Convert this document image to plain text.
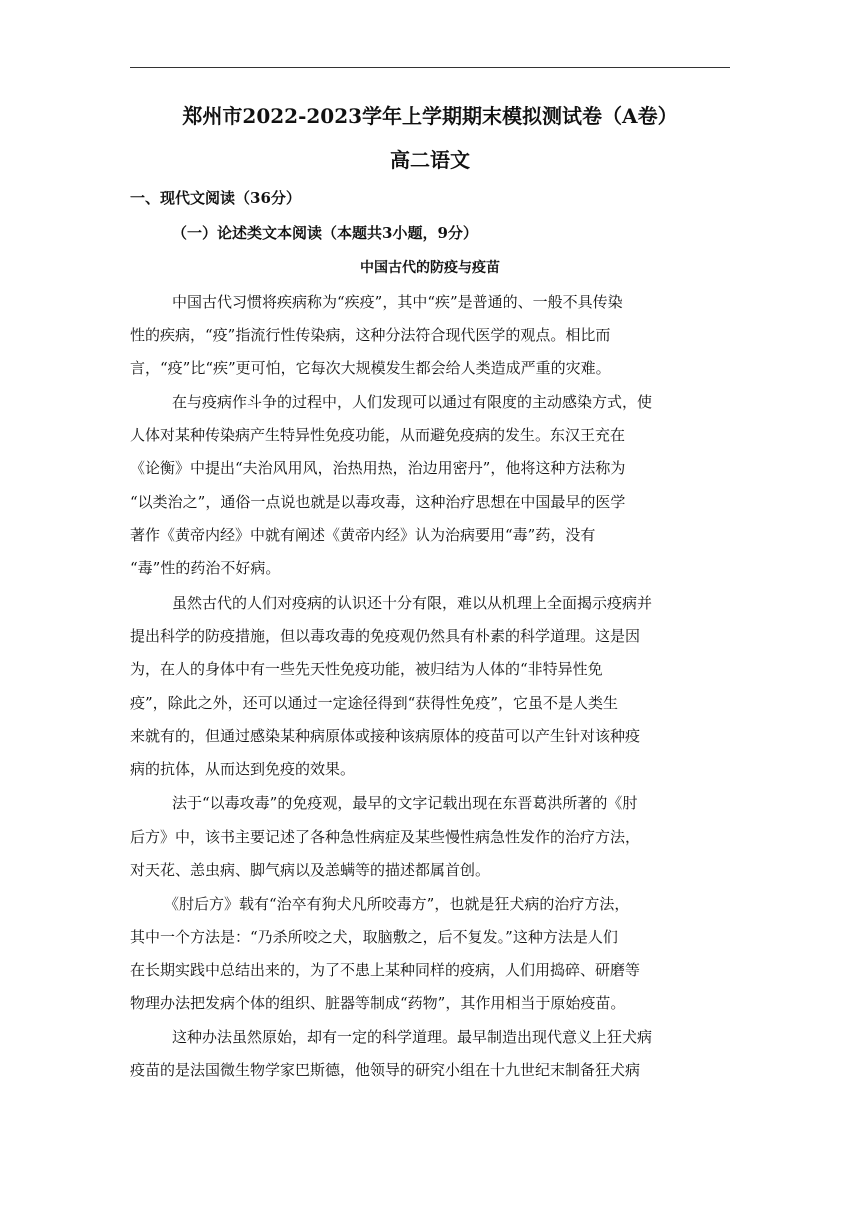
郑州市2022-2023学年上学期期末模拟测试卷（A卷）
高二语文
一、现代文阅读（36分）
（一）论述类文本阅读（本题共3小题，9分）
中国古代的防疫与疫苗
中国古代习惯将疾病称为“疾疫”，其中“疾”是普通的、一般不具传染
性的疾病，“疫”指流行性传染病，这种分法符合现代医学的观点。相比而
言，“疫”比“疾”更可怕，它每次大规模发生都会给人类造成严重的灾难。
在与疫病作斗争的过程中，人们发现可以通过有限度的主动感染方式，使
人体对某种传染病产生特异性免疫功能，从而避免疫病的发生。东汉王充在
《论衡》中提出“夫治风用风，治热用热，治边用密丹”，他将这种方法称为
“以类治之”，通俗一点说也就是以毒攻毒，这种治疗思想在中国最早的医学
著作《黄帝内经》中就有阐述《黄帝内经》认为治病要用“毒”药，没有
“毒”性的药治不好病。
虽然古代的人们对疫病的认识还十分有限，难以从机理上全面揭示疫病并
提出科学的防疫措施，但以毒攻毒的免疫观仍然具有朴素的科学道理。这是因
为，在人的身体中有一些先天性免疫功能，被归结为人体的“非特异性免
疫”，除此之外，还可以通过一定途径得到“获得性免疫”，它虽不是人类生
来就有的，但通过感染某种病原体或接种该病原体的疫苗可以产生针对该种疫
病的抗体，从而达到免疫的效果。
法于“以毒攻毒”的免疫观，最早的文字记载出现在东晋葛洪所著的《肘
后方》中，该书主要记述了各种急性病症及某些慢性病急性发作的治疗方法，
对天花、恙虫病、脚气病以及恙螨等的描述都属首创。
《肘后方》载有“治卒有狗犬凡所咬毒方”，也就是狂犬病的治疗方法，
其中一个方法是：“乃杀所咬之犬，取脑敷之，后不复发。”这种方法是人们
在长期实践中总结出来的，为了不患上某种同样的疫病，人们用捣碎、研磨等
物理办法把发病个体的组织、脏器等制成“药物”，其作用相当于原始疫苗。
这种办法虽然原始，却有一定的科学道理。最早制造出现代意义上狂犬病
疫苗的是法国微生物学家巴斯德，他领导的研究小组在十九世纪末制备狂犬病
